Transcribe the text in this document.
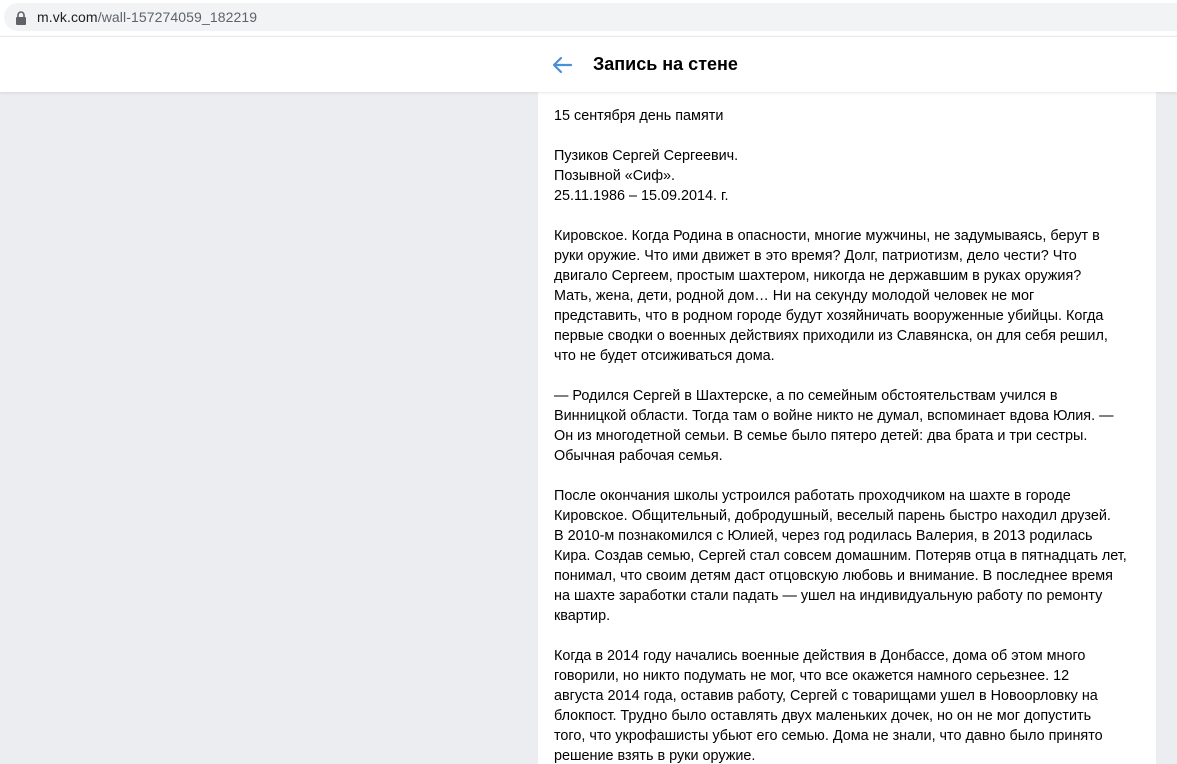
m.vk.com/wall-157274059_182219
Запись на стене
15 сентября день памяти
Пузиков Сергей Сергеевич.
Позывной «Сиф».
25.11.1986 – 15.09.2014. г.
Кировское. Когда Родина в опасности, многие мужчины, не задумываясь, берут в
руки оружие. Что ими движет в это время? Долг, патриотизм, дело чести? Что
двигало Сергеем, простым шахтером, никогда не державшим в руках оружия?
Мать, жена, дети, родной дом… Ни на секунду молодой человек не мог
представить, что в родном городе будут хозяйничать вооруженные убийцы. Когда
первые сводки о военных действиях приходили из Славянска, он для себя решил,
что не будет отсиживаться дома.
— Родился Сергей в Шахтерске, а по семейным обстоятельствам учился в
Винницкой области. Тогда там о войне никто не думал, вспоминает вдова Юлия. —
Он из многодетной семьи. В семье было пятеро детей: два брата и три сестры.
Обычная рабочая семья.
После окончания школы устроился работать проходчиком на шахте в городе
Кировское. Общительный, добродушный, веселый парень быстро находил друзей.
В 2010-м познакомился с Юлией, через год родилась Валерия, в 2013 родилась
Кира. Создав семью, Сергей стал совсем домашним. Потеряв отца в пятнадцать лет,
понимал, что своим детям даст отцовскую любовь и внимание. В последнее время
на шахте заработки стали падать — ушел на индивидуальную работу по ремонту
квартир.
Когда в 2014 году начались военные действия в Донбассе, дома об этом много
говорили, но никто подумать не мог, что все окажется намного серьезнее. 12
августа 2014 года, оставив работу, Сергей с товарищами ушел в Новоорловку на
блокпост. Трудно было оставлять двух маленьких дочек, но он не мог допустить
того, что укрофашисты убьют его семью. Дома не знали, что давно было принято
решение взять в руки оружие.
